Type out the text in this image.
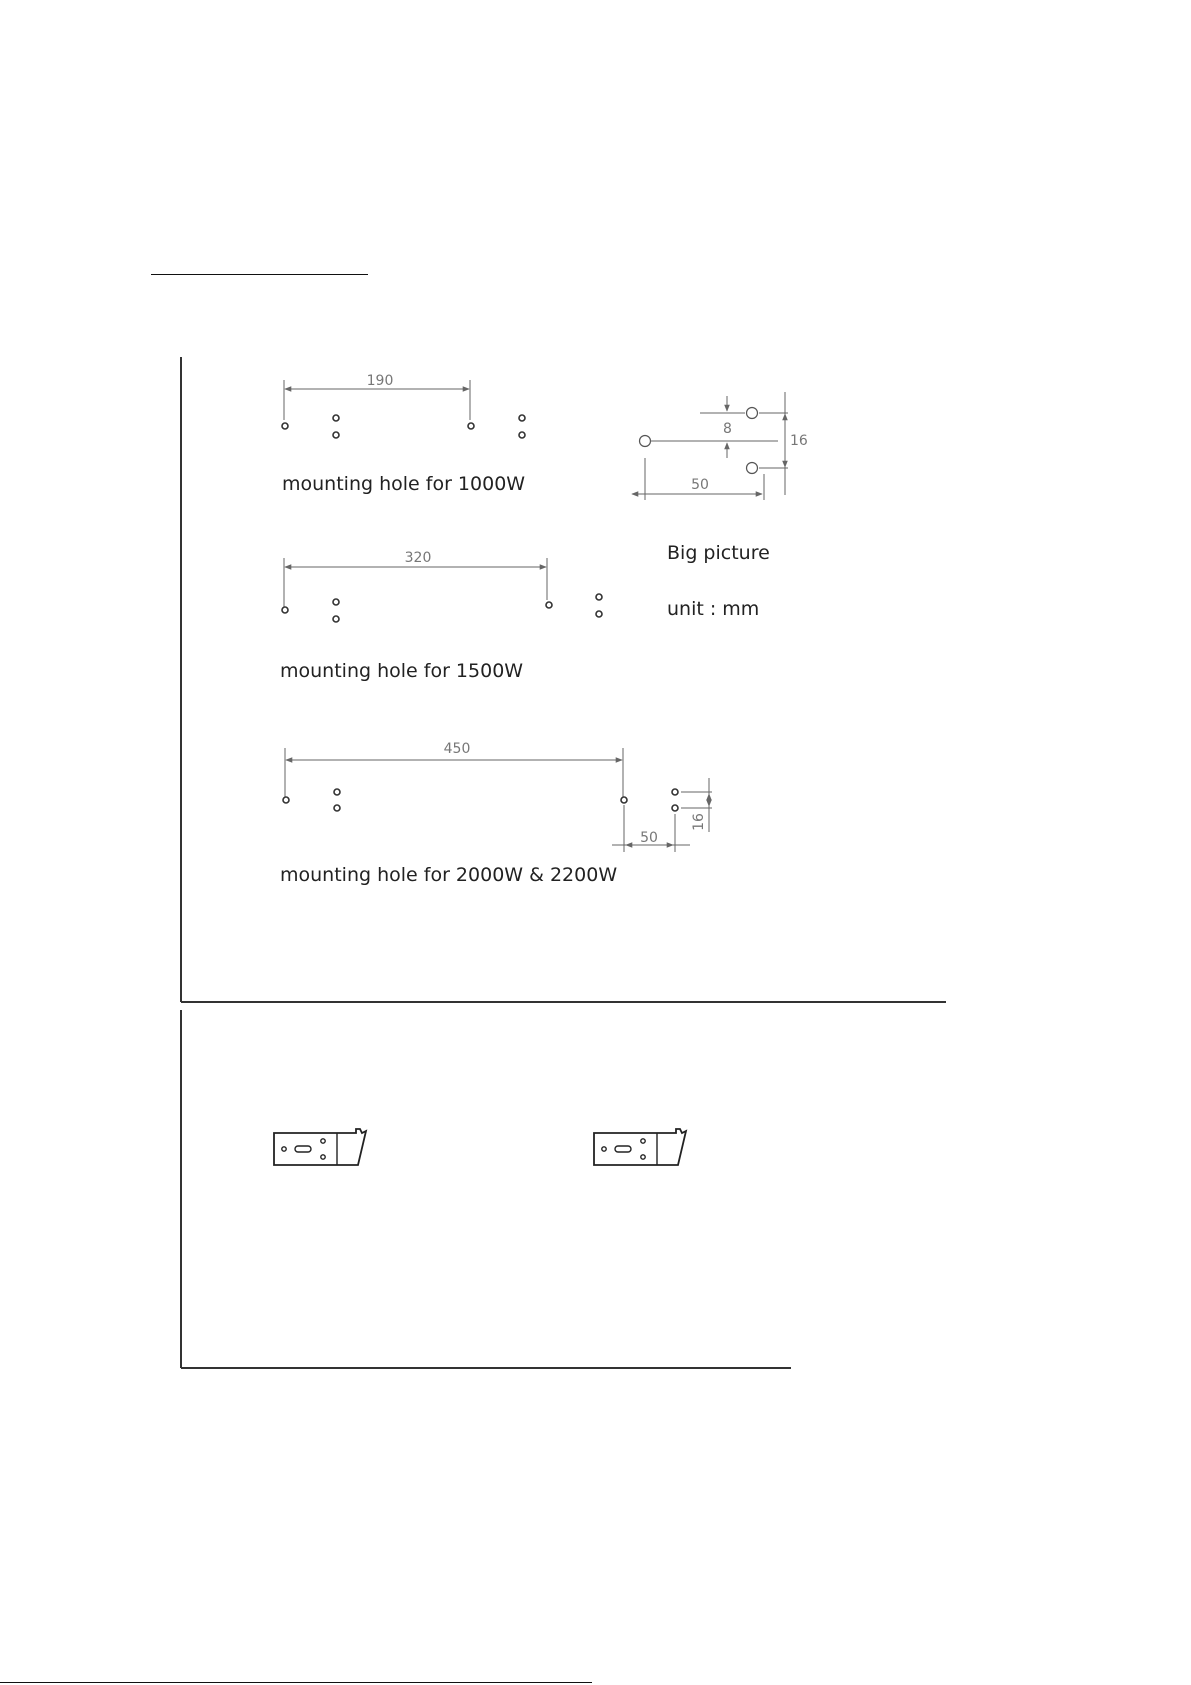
190
mounting hole for 1000W
8
16
50
Big picture
unit : mm
320
mounting hole for 1500W
450
50
16
mounting hole for 2000W & 2200W
